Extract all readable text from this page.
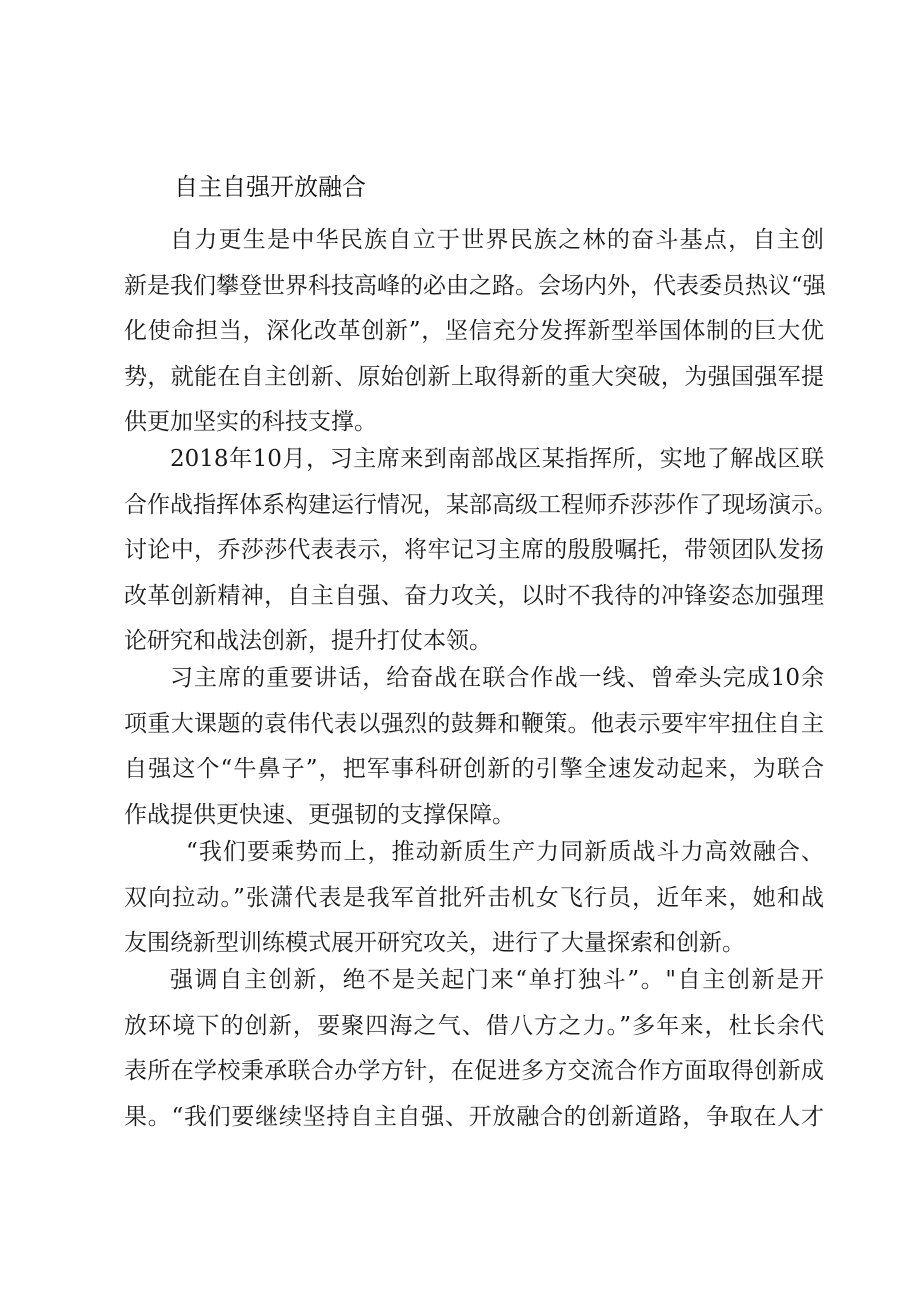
自主自强开放融合
自力更生是中华民族自立于世界民族之林的奋斗基点，自主创
新是我们攀登世界科技高峰的必由之路。会场内外，代表委员热议“强
化使命担当，深化改革创新”，坚信充分发挥新型举国体制的巨大优
势，就能在自主创新、原始创新上取得新的重大突破，为强国强军提
供更加坚实的科技支撑。
2018年10月，习主席来到南部战区某指挥所，实地了解战区联
合作战指挥体系构建运行情况，某部高级工程师乔莎莎作了现场演示。
讨论中，乔莎莎代表表示，将牢记习主席的殷殷嘱托，带领团队发扬
改革创新精神，自主自强、奋力攻关，以时不我待的冲锋姿态加强理
论研究和战法创新，提升打仗本领。
习主席的重要讲话，给奋战在联合作战一线、曾牵头完成10余
项重大课题的袁伟代表以强烈的鼓舞和鞭策。他表示要牢牢扭住自主
自强这个“牛鼻子”，把军事科研创新的引擎全速发动起来，为联合
作战提供更快速、更强韧的支撑保障。
“我们要乘势而上，推动新质生产力同新质战斗力高效融合、
双向拉动。”张潇代表是我军首批歼击机女飞行员，近年来，她和战
友围绕新型训练模式展开研究攻关，进行了大量探索和创新。
强调自主创新，绝不是关起门来“单打独斗”。"自主创新是开
放环境下的创新，要聚四海之气、借八方之力。”多年来，杜长余代
表所在学校秉承联合办学方针，在促进多方交流合作方面取得创新成
果。“我们要继续坚持自主自强、开放融合的创新道路，争取在人才
